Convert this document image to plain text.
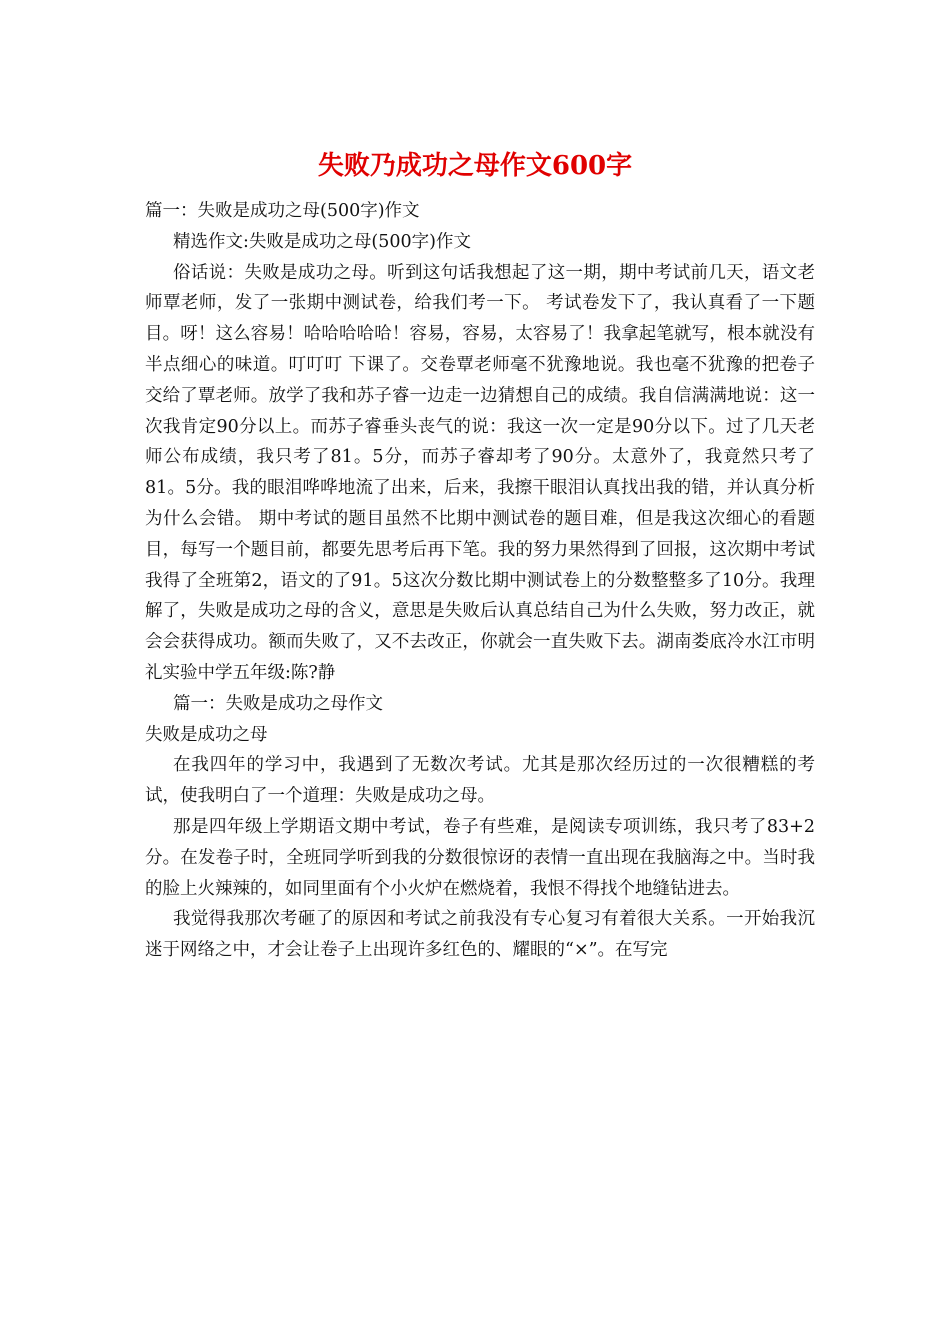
失败乃成功之母作文600字

篇一：失败是成功之母(500字)作文

精选作文:失败是成功之母(500字)作文

俗话说：失败是成功之母。听到这句话我想起了这一期，期中考试前几天，语文老师覃老师，发了一张期中测试卷，给我们考一下。 考试卷发下了，我认真看了一下题目。呀！这么容易！哈哈哈哈哈！容易，容易，太容易了！我拿起笔就写，根本就没有半点细心的味道。叮叮叮 下课了。交卷覃老师毫不犹豫地说。我也毫不犹豫的把卷子交给了覃老师。放学了我和苏子睿一边走一边猜想自己的成绩。我自信满满地说：这一次我肯定90分以上。而苏子睿垂头丧气的说：我这一次一定是90分以下。过了几天老师公布成绩，我只考了81。5分，而苏子睿却考了90分。太意外了，我竟然只考了81。5分。我的眼泪哗哗地流了出来，后来，我擦干眼泪认真找出我的错，并认真分析为什么会错。 期中考试的题目虽然不比期中测试卷的题目难，但是我这次细心的看题目，每写一个题目前，都要先思考后再下笔。我的努力果然得到了回报，这次期中考试我得了全班第2，语文的了91。5这次分数比期中测试卷上的分数整整多了10分。我理解了，失败是成功之母的含义，意思是失败后认真总结自己为什么失败，努力改正，就会会获得成功。额而失败了，又不去改正，你就会一直失败下去。湖南娄底冷水江市明礼实验中学五年级:陈?静

篇一：失败是成功之母作文

失败是成功之母

在我四年的学习中，我遇到了无数次考试。尤其是那次经历过的一次很糟糕的考试，使我明白了一个道理：失败是成功之母。

那是四年级上学期语文期中考试，卷子有些难，是阅读专项训练，我只考了83+2分。在发卷子时，全班同学听到我的分数很惊讶的表情一直出现在我脑海之中。当时我的脸上火辣辣的，如同里面有个小火炉在燃烧着，我恨不得找个地缝钻进去。

我觉得我那次考砸了的原因和考试之前我没有专心复习有着很大关系。一开始我沉迷于网络之中，才会让卷子上出现许多红色的、耀眼的“×”。在写完
